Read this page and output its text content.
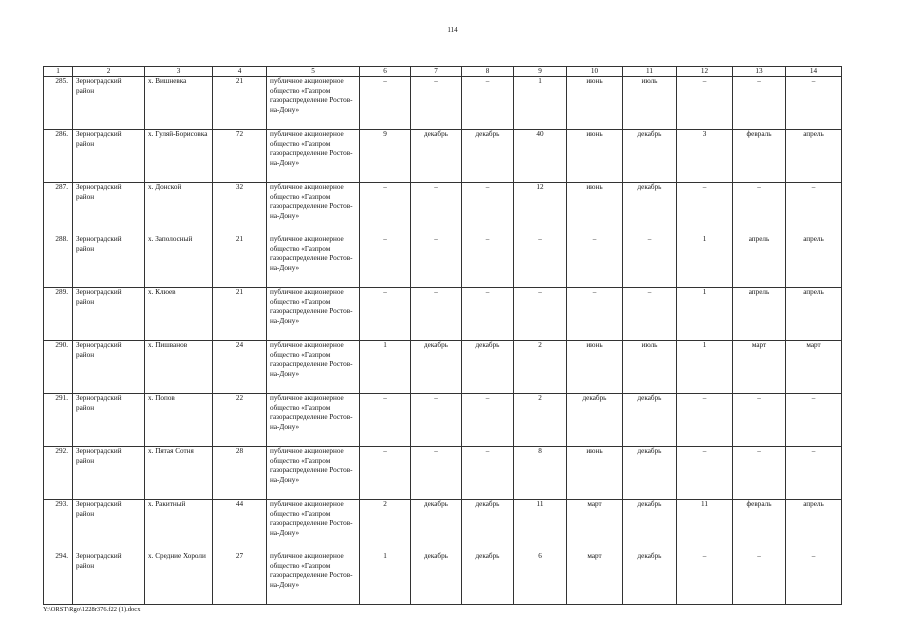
114
1	2	3	4	5	6	7	8	9	10	11	12	13	14
285.	Зерноградский район	х. Вишневка	21	публичное акционерное общество «Газпром газораспределение Ростов-на-Дону»	–	–	–	1	июнь	июль	–	–	–
286.	Зерноградский район	х. Гуляй-Борисовка	72	публичное акционерное общество «Газпром газораспределение Ростов-на-Дону»	9	декабрь	декабрь	40	июнь	декабрь	3	февраль	апрель
287.	Зерноградский район	х. Донской	32	публичное акционерное общество «Газпром газораспределение Ростов-на-Дону»	–	–	–	12	июнь	декабрь	–	–	–
288.	Зерноградский район	х. Заполосный	21	публичное акционерное общество «Газпром газораспределение Ростов-на-Дону»	–	–	–	–	–	–	1	апрель	апрель
289.	Зерноградский район	х. Клюев	21	публичное акционерное общество «Газпром газораспределение Ростов-на-Дону»	–	–	–	–	–	–	1	апрель	апрель
290.	Зерноградский район	х. Пишванов	24	публичное акционерное общество «Газпром газораспределение Ростов-на-Дону»	1	декабрь	декабрь	2	июнь	июль	1	март	март
291.	Зерноградский район	х. Попов	22	публичное акционерное общество «Газпром газораспределение Ростов-на-Дону»	–	–	–	2	декабрь	декабрь	–	–	–
292.	Зерноградский район	х. Пятая Сотня	28	публичное акционерное общество «Газпром газораспределение Ростов-на-Дону»	–	–	–	8	июнь	декабрь	–	–	–
293.	Зерноградский район	х. Ракитный	44	публичное акционерное общество «Газпром газораспределение Ростов-на-Дону»	2	декабрь	декабрь	11	март	декабрь	11	февраль	апрель
294.	Зерноградский район	х. Средние Хороли	27	публичное акционерное общество «Газпром газораспределение Ростов-на-Дону»	1	декабрь	декабрь	6	март	декабрь	–	–	–
Y:\ORST\Rgo\1228r376.f22 (1).docx
